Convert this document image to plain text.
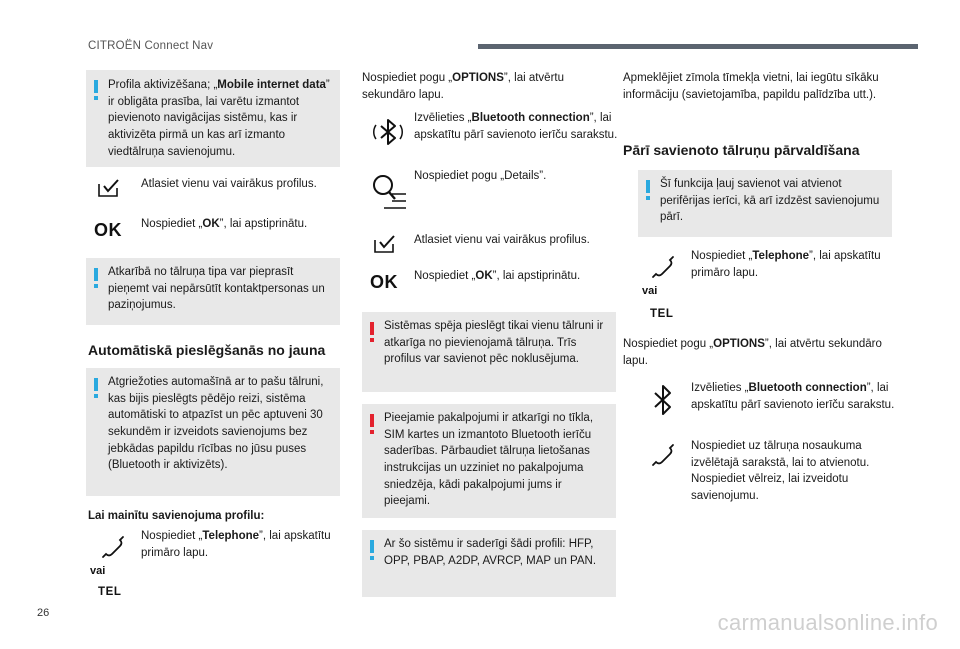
CITROËN Connect Nav

Profila aktivizēšana; „Mobile internet data” ir obligāta prasība, lai varētu izmantot pievienoto navigācijas sistēmu, kas ir aktivizēta pirmā un kas arī izmanto viedtālruņa savienojumu.

Atlasiet vienu vai vairākus profilus.
OK Nospiediet „OK”, lai apstiprinātu.

Atkarībā no tālruņa tipa var pieprasīt pieņemt vai nepārsūtīt kontaktpersonas un paziņojumus.

Automātiskā pieslēgšanās no jauna

Atgriežoties automašīnā ar to pašu tālruni, kas bijis pieslēgts pēdējo reizi, sistēma automātiski to atpazīst un pēc aptuveni 30 sekundēm ir izveidots savienojums bez jebkādas papildu rīcības no jūsu puses (Bluetooth ir aktivizēts).

Lai mainītu savienojuma profilu:
Nospiediet „Telephone”, lai apskatītu primāro lapu.
vai
TEL
Nospiediet pogu „OPTIONS”, lai atvērtu sekundāro lapu.
Izvēlieties „Bluetooth connection”, lai apskatītu pārī savienoto ierīču sarakstu.
Nospiediet pogu „Details”.
Atlasiet vienu vai vairākus profilus.
OK Nospiediet „OK”, lai apstiprinātu.

Sistēmas spēja pieslēgt tikai vienu tālruni ir atkarīga no pievienojamā tālruņa. Trīs profilus var savienot pēc noklusējuma.

Pieejamie pakalpojumi ir atkarīgi no tīkla, SIM kartes un izmantoto Bluetooth ierīču saderības. Pārbaudiet tālruņa lietošanas instrukcijas un uzziniet no pakalpojuma sniedzēja, kādi pakalpojumi jums ir pieejami.

Ar šo sistēmu ir saderīgi šādi profili: HFP, OPP, PBAP, A2DP, AVRCP, MAP un PAN.

Apmeklējiet zīmola tīmekļa vietni, lai iegūtu sīkāku informāciju (savietojamība, papildu palīdzība utt.).
Pārī savienoto tālruņu pārvaldīšana

Šī funkcija ļauj savienot vai atvienot perifērijas ierīci, kā arī izdzēst savienojumu pārī.

Nospiediet „Telephone”, lai apskatītu primāro lapu.
vai
TEL
Nospiediet pogu „OPTIONS”, lai atvērtu sekundāro lapu.
Izvēlieties „Bluetooth connection”, lai apskatītu pārī savienoto ierīču sarakstu.
Nospiediet uz tālruņa nosaukuma izvēlētajā sarakstā, lai to atvienotu. Nospiediet vēlreiz, lai izveidotu savienojumu.
26	carmanualsonline.info
